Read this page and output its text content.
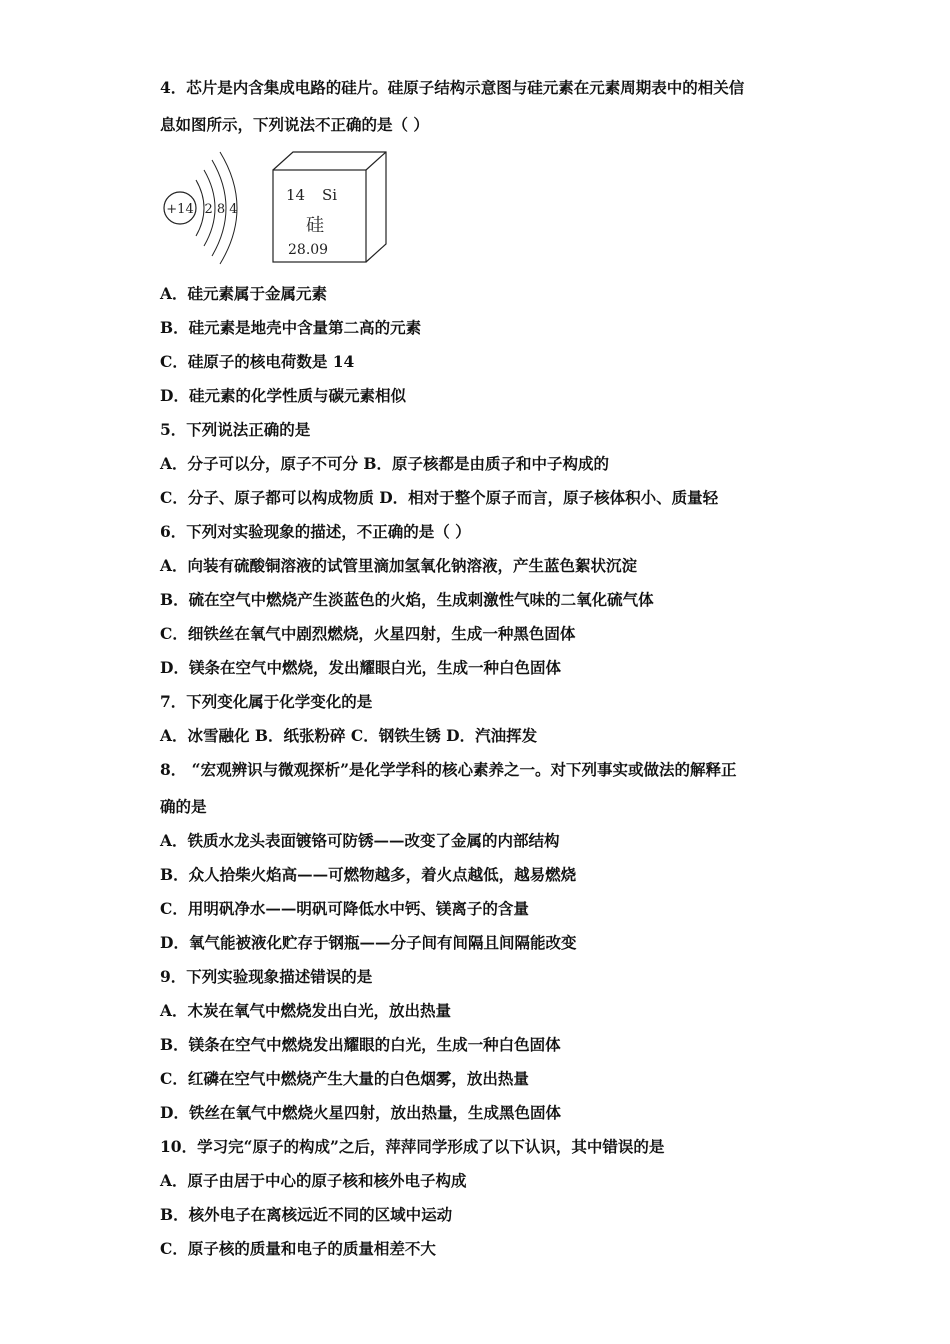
4．芯片是内含集成电路的硅片。硅原子结构示意图与硅元素在元素周期表中的相关信
息如图所示，下列说法不正确的是（ ）
+14 2 8 4
14 Si
硅
28.09
A．硅元素属于金属元素
B．硅元素是地壳中含量第二高的元素
C．硅原子的核电荷数是 14
D．硅元素的化学性质与碳元素相似
5．下列说法正确的是
A．分子可以分，原子不可分 B．原子核都是由质子和中子构成的
C．分子、原子都可以构成物质 D．相对于整个原子而言，原子核体积小、质量轻
6．下列对实验现象的描述，不正确的是（ ）
A．向装有硫酸铜溶液的试管里滴加氢氧化钠溶液，产生蓝色絮状沉淀
B．硫在空气中燃烧产生淡蓝色的火焰，生成刺激性气味的二氧化硫气体
C．细铁丝在氧气中剧烈燃烧，火星四射，生成一种黑色固体
D．镁条在空气中燃烧，发出耀眼白光，生成一种白色固体
7．下列变化属于化学变化的是
A．冰雪融化 B．纸张粉碎 C．钢铁生锈 D．汽油挥发
8． “宏观辨识与微观探析”是化学学科的核心素养之一。对下列事实或做法的解释正
确的是
A．铁质水龙头表面镀铬可防锈——改变了金属的内部结构
B．众人拾柴火焰高——可燃物越多，着火点越低，越易燃烧
C．用明矾净水——明矾可降低水中钙、镁离子的含量
D．氧气能被液化贮存于钢瓶——分子间有间隔且间隔能改变
9．下列实验现象描述错误的是
A．木炭在氧气中燃烧发出白光，放出热量
B．镁条在空气中燃烧发出耀眼的白光，生成一种白色固体
C．红磷在空气中燃烧产生大量的白色烟雾，放出热量
D．铁丝在氧气中燃烧火星四射，放出热量，生成黑色固体
10．学习完“原子的构成”之后，萍萍同学形成了以下认识，其中错误的是
A．原子由居于中心的原子核和核外电子构成
B．核外电子在离核远近不同的区域中运动
C．原子核的质量和电子的质量相差不大
